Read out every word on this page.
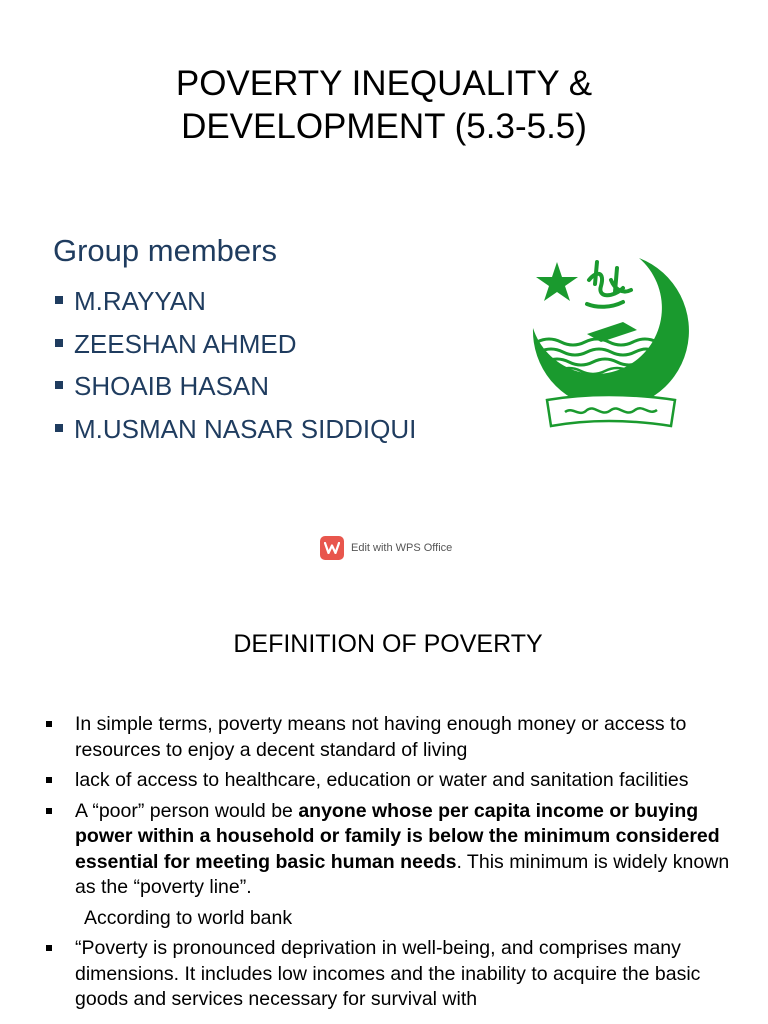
POVERTY INEQUALITY &
DEVELOPMENT (5.3-5.5)
Group members
M.RAYYAN
ZEESHAN AHMED
SHOAIB HASAN
M.USMAN NASAR SIDDIQUI
Edit with WPS Office
DEFINITION OF POVERTY
In simple terms, poverty means not having enough money or access to resources to enjoy a decent standard of living
lack of access to healthcare, education or water and sanitation facilities
A “poor” person would be anyone whose per capita income or buying power within a household or family is below the minimum considered essential for meeting basic human needs. This minimum is widely known as the “poverty line”.
According to world bank
“Poverty is pronounced deprivation in well-being, and comprises many dimensions. It includes low incomes and the inability to acquire the basic goods and services necessary for survival with
